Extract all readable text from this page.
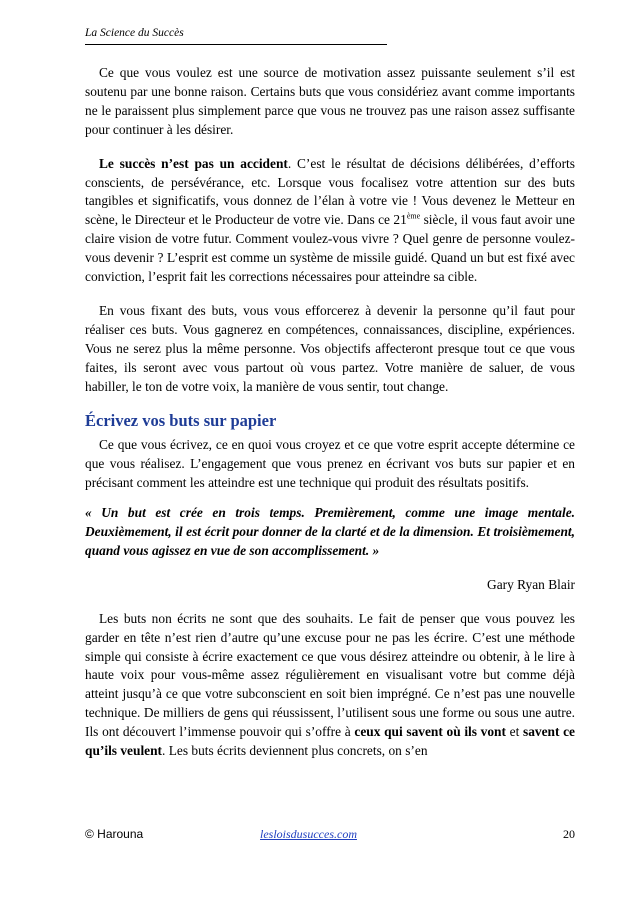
La Science du Succès

Ce que vous voulez est une source de motivation assez puissante seulement s’il est soutenu par une bonne raison. Certains buts que vous considériez avant comme importants ne le paraissent plus simplement parce que vous ne trouvez pas une raison assez suffisante pour continuer à les désirer.

Le succès n’est pas un accident. C’est le résultat de décisions délibérées, d’efforts conscients, de persévérance, etc. Lorsque vous focalisez votre attention sur des buts tangibles et significatifs, vous donnez de l’élan à votre vie ! Vous devenez le Metteur en scène, le Directeur et le Producteur de votre vie. Dans ce 21ème siècle, il vous faut avoir une claire vision de votre futur. Comment voulez-vous vivre ? Quel genre de personne voulez-vous devenir ? L’esprit est comme un système de missile guidé. Quand un but est fixé avec conviction, l’esprit fait les corrections nécessaires pour atteindre sa cible.

En vous fixant des buts, vous vous efforcerez à devenir la personne qu’il faut pour réaliser ces buts. Vous gagnerez en compétences, connaissances, discipline, expériences. Vous ne serez plus la même personne. Vos objectifs affecteront presque tout ce que vous faites, ils seront avec vous partout où vous partez. Votre manière de saluer, de vous habiller, le ton de votre voix, la manière de vous sentir, tout change.

Écrivez vos buts sur papier

Ce que vous écrivez, ce en quoi vous croyez et ce que votre esprit accepte détermine ce que vous réalisez. L’engagement que vous prenez en écrivant vos buts sur papier et en précisant comment les atteindre est une technique qui produit des résultats positifs.

« Un but est crée en trois temps. Premièrement, comme une image mentale. Deuxièmement, il est écrit pour donner de la clarté et de la dimension. Et troisièmement, quand vous agissez en vue de son accomplissement. »

Gary Ryan Blair

Les buts non écrits ne sont que des souhaits. Le fait de penser que vous pouvez les garder en tête n’est rien d’autre qu’une excuse pour ne pas les écrire. C’est une méthode simple qui consiste à écrire exactement ce que vous désirez atteindre ou obtenir, à le lire à haute voix pour vous-même assez régulièrement en visualisant votre but comme déjà atteint jusqu’à ce que votre subconscient en soit bien imprégné. Ce n’est pas une nouvelle technique. De milliers de gens qui réussissent, l’utilisent sous une forme ou sous une autre. Ils ont découvert l’immense pouvoir qui s’offre à ceux qui savent où ils vont et savent ce qu’ils veulent. Les buts écrits deviennent plus concrets, on s’en

© Harouna	lesloisdusucces.com	20
